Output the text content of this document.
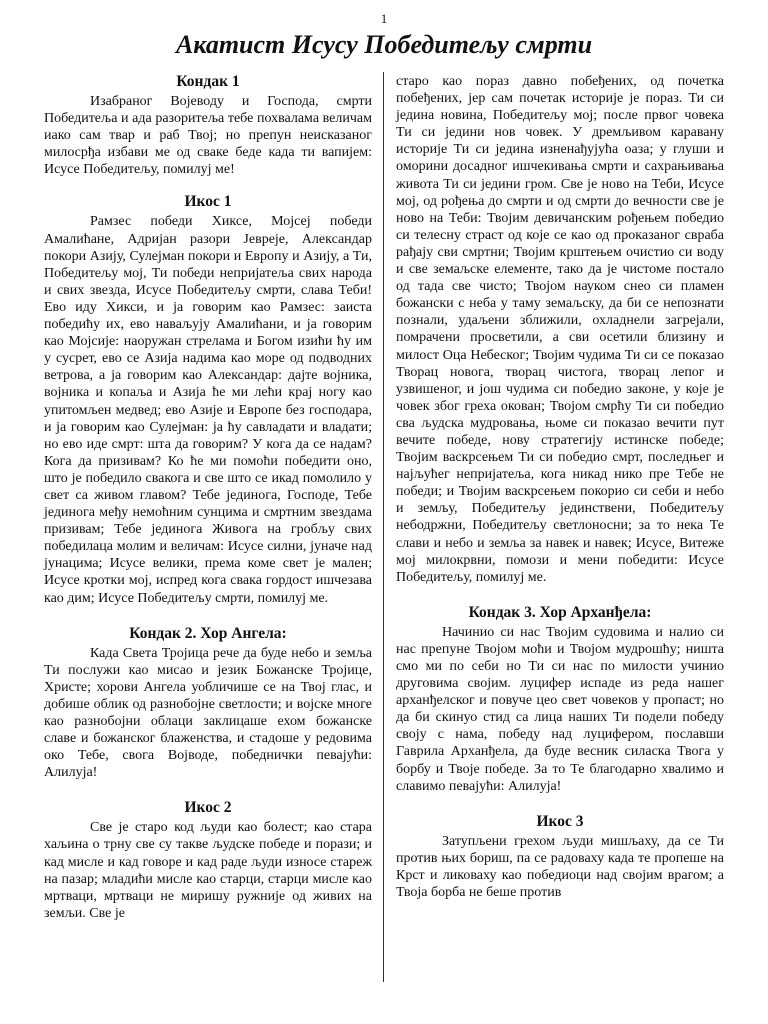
1
Акатист Исусу Победитељу смрти
Кондак 1

Изабраног Војеводу и Господа, смрти Победитеља и ада разоритеља тебе похвалама величам иако сам твар и раб Твој; но препун неисказаног милосрђа избави ме од сваке беде када ти вапијем: Исусе Победитељу, помилуј ме!

Икос 1

Рамзес победи Хиксе, Мојсеј победи Амалићане, Адријан разори Јевреје, Александар покори Азију, Сулејман покори и Европу и Азију, а Ти, Победитељу мој, Ти победи непријатеља свих народа и свих звезда, Исусе Победитељу смрти, слава Теби! Ево иду Хикси, и ја говорим као Рамзес: заиста победићу их, ево наваљују Амалићани, и ја говорим као Мојсије: наоружан стрелама и Богом изићи ћу им у сусрет, ево се Азија надима као море од подводних ветрова, а ја говорим као Александар: дајте војника, војника и копаља и Азија ће ми лећи крај ногу као упитомљен медвед; ево Азије и Европе без господара, и ја говорим као Сулејман: ја ћу савладати и владати; но ево иде смрт: шта да говорим? У кога да се надам? Кога да призивам? Ко ће ми помоћи победити оно, што је победило свакога и све што се икад помолило у свет са живом главом? Тебе јединога, Господе, Тебе јединога међу немоћним сунцима и смртним звездама призивам; Тебе јединога Живога на гробљу свих победилаца молим и величам: Исусе силни, јуначе над јунацима; Исусе велики, према коме свет је мален; Исусе кротки мој, испред кога свака гордост ишчезава као дим; Исусе Победитељу смрти, помилуј ме.

Кондак 2. Хор Ангела:

Када Света Тројица рече да буде небо и земља Ти послужи као мисао и језик Божанске Тројице, Христе; хорови Ангела уобличише се на Твој глас, и добише облик од разнобојне светлости; и војске многе као разнобојни облаци заклицаше ехом божанске славе и божанског блаженства, и стадоше у редовима око Тебе, свога Војводе, победнички певајући: Алилуја!

Икос 2

Све је старо код људи као болест; као стара хаљина о трну све су такве људске победе и порази; и кад мисле и кад говоре и кад раде људи износе стареж на пазар; младићи мисле као старци, старци мисле као мртваци, мртваци не миришу ружније од живих на земљи. Све је

старо као пораз давно побеђених, од почетка побеђених, јер сам почетак историје је пораз. Ти си једина новина, Победитељу мој; после првог човека Ти си једини нов човек. У дремљивом каравану историје Ти си једина изненађујућа оаза; у глуши и оморини досадног ишчекивања смрти и сахрањивања живота Ти си једини гром. Све је ново на Теби, Исусе мој, од рођења до смрти и од смрти до вечности све је ново на Теби: Твојим девичанским рођењем победио си телесну страст од које се као од проказаног свраба рађају сви смртни; Твојим крштењем очистио си воду и све земаљске елементе, тако да је чистоме постало од тада све чисто; Твојом науком снео си пламен божански с неба у таму земаљску, да би се непознати познали, удаљени зближили, охладнели загрејали, помрачени просветили, а сви осетили близину и милост Оца Небеског; Твојим чудима Ти си се показао Творац новога, творац чистога, творац лепог и узвишеног, и још чудима си победио законе, у које је човек због греха окован; Твојом смрћу Ти си победио сва људска мудровања, њоме си показао вечити пут вечите победе, нову стратегију истинске победе; Твојим васкрсењем Ти си победио смрт, последњег и најљућег непријатеља, кога никад нико пре Тебе не победи; и Твојим васкрсењем покорио си себи и небо и земљу, Победитељу јединствени, Победитељу небодржни, Победитељу светлоносни; за то нека Те слави и небо и земља за навек и навек; Исусе, Витеже мој милокрвни, помози и мени победити: Исусе Победитељу, помилуј ме.

Кондак 3. Хор Арханђела:

Начинио си нас Твојим судовима и налио си нас препуне Твојом моћи и Твојом мудрошћу; ништа смо ми по себи но Ти си нас по милости учинио друговима својим. луцифер испаде из реда нашег арханђелског и повуче цео свет човеков у пропаст; но да би скинуо стид са лица наших Ти подели победу своју с нама, победу над луцифером, пославши Гаврила Арханђела, да буде весник силаска Твога у борбу и Твоје победе. За то Те благодарно хвалимо и славимо певајући: Алилуја!

Икос 3

Затупљени грехом људи мишљаху, да се Ти против њих бориш, па се радоваху када те пропеше на Крст и ликоваху као победиоци над својим врагом; а Твоја борба не беше против
